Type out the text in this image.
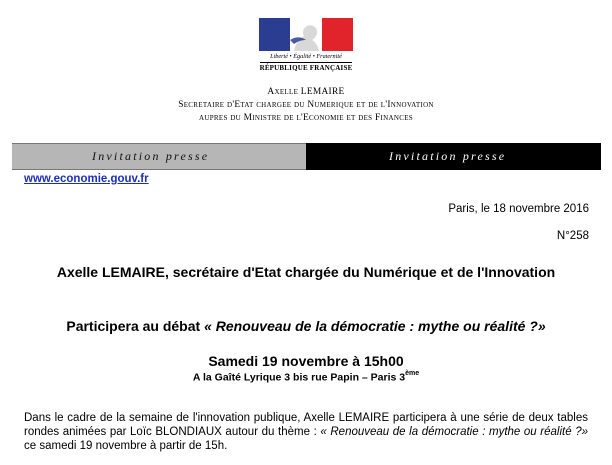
Liberté • Égalité • Fraternité
RÉPUBLIQUE FRANÇAISE
Axelle LEMAIRE
Secretaire d'Etat chargee du Numerique et de l'Innovation
aupres du Ministre de l'Economie et des Finances
Invitation presse	Invitation presse
www.economie.gouv.fr
Paris, le 18 novembre 2016
N°258
Axelle LEMAIRE, secrétaire d'Etat chargée du Numérique et de l'Innovation
Participera au débat « Renouveau de la démocratie : mythe ou réalité ?»
Samedi 19 novembre à 15h00
A la Gaîté Lyrique 3 bis rue Papin – Paris 3ème
Dans le cadre de la semaine de l'innovation publique, Axelle LEMAIRE participera à une série de deux tables rondes animées par Loïc BLONDIAUX autour du thème : « Renouveau de la démocratie : mythe ou réalité ?» ce samedi 19 novembre à partir de 15h.
